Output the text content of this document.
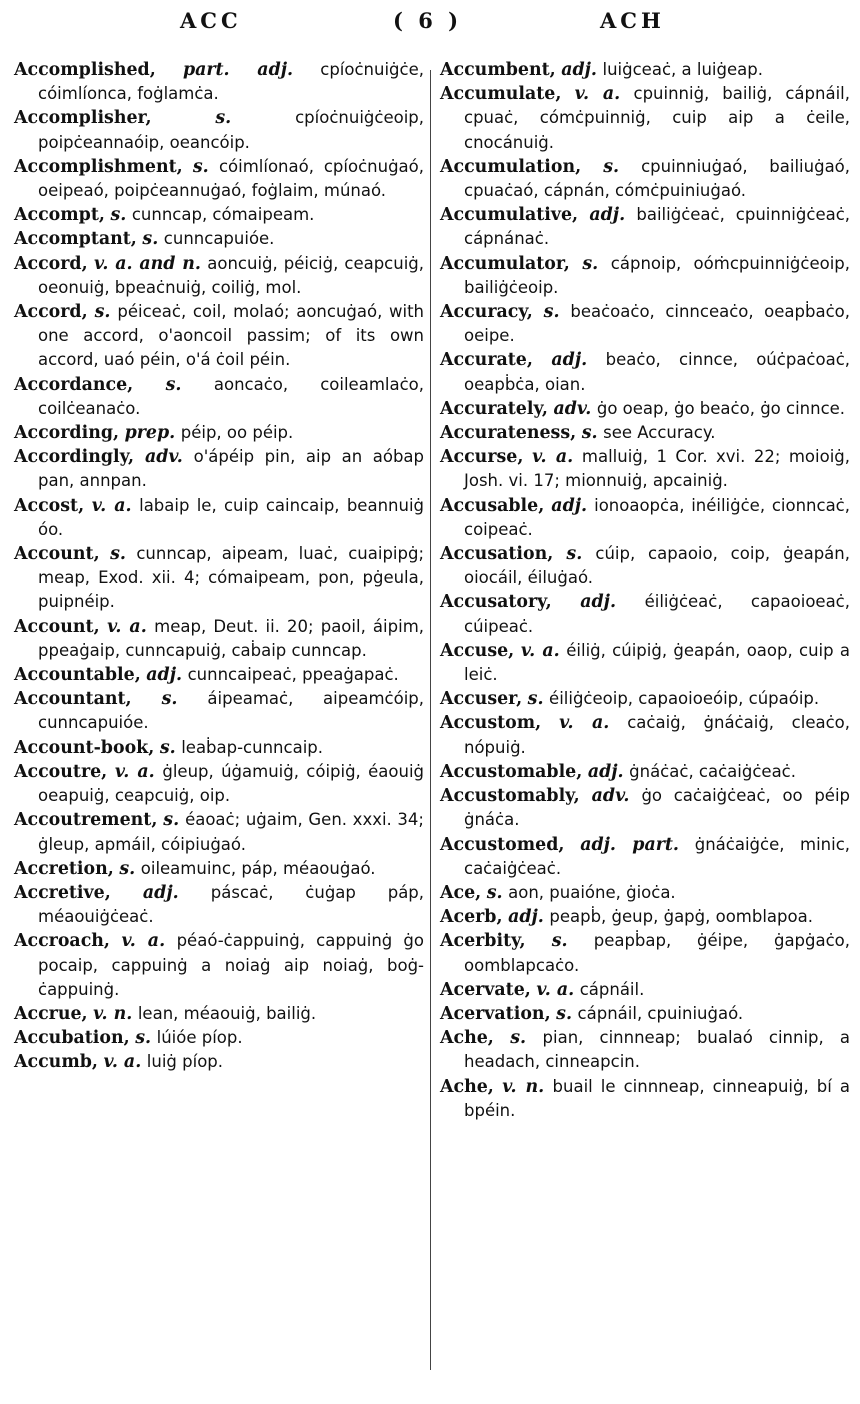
ACC	( 6 )	ACH

Accomplished, part. adj. cpíoċnuiġċe, cóimlíonca, foġlamċa.

Accomplisher,	s.	cpíoċnuiġċeoip, poipċeannaóip, oeancóip.

Accomplishment, s. cóimlíonaó, cpíoċnuġaó, oeipeaó, poipċeannuġaó, foġlaim, múnaó.

Accompt, s. cunncap, cómaipeam.

Accomptant, s. cunncapuióe.

Accord, v. a. and n. aoncuiġ, péiciġ, ceapcuiġ, oeonuiġ, bpeaċnuiġ, coiliġ, mol.

Accord, s. péiceaċ, coil, molaó; aoncuġaó, with one accord, o'aoncoil passim; of its own accord, uaó péin, o'á ċoil péin.

Accordance, s. aoncaċo, coileamlaċo, coilċeanaċo.

According, prep. péip, oo péip.

Accordingly, adv. o'ápéip pin, aip an aóbap pan, annpan.

Accost, v. a. labaip le, cuip caincaip, beannuiġ óo.

Account, s. cunncap, aipeam, luaċ, cuaipipġ; meap, Exod. xii. 4; cómaipeam, pon, pġeula, puipnéip.

Account, v. a. meap, Deut. ii. 20; paoil, áipim, ppeaġaip, cunncapuiġ, caḃaip cunncap.

Accountable, adj. cunncaipeaċ, ppeaġapaċ.

Accountant, s. áipeamaċ, aipeamċóip, cunncapuióe.

Account-book, s. leaḃap-cunncaip.

Accoutre, v. a. ġleup, úġamuiġ, cóipiġ, éaouiġ oeapuiġ, ceapcuiġ, oip.

Accoutrement, s. éaoaċ; uġaim, Gen. xxxi. 34; ġleup, apmáil, cóipiuġaó.

Accretion, s. oileamuinc, páp, méaouġaó.

Accretive, adj. páscaċ, ċuġap páp, méaouiġċeaċ.

Accroach, v. a. péaó-ċappuinġ, cappuinġ ġo pocaip, cappuinġ a noiaġ aip noiaġ, boġ-ċappuinġ.

Accrue, v. n. lean, méaouiġ, bailiġ.

Accubation, s. lúióe píop.

Accumb, v. a. luiġ píop.

Accumbent, adj. luiġceaċ, a luiġeap.

Accumulate, v. a. cpuinniġ, bailiġ, cápnáil, cpuaċ, cómċpuinniġ, cuip aip a ċeile, cnocánuiġ.

Accumulation, s. cpuinniuġaó, bailiuġaó, cpuaċaó, cápnán, cómċpuiniuġaó.

Accumulative, adj. bailiġċeaċ, cpuinniġċeaċ, cápnánaċ.

Accumulator, s. cápnoip, oóṁcpuinniġċeoip, bailiġċeoip.

Accuracy, s. beaċoaċo, cinnceaċo, oeapḃaċo, oeipe.

Accurate, adj. beaċo, cinnce, oúċpaċoaċ, oeapḃċa, oian.

Accurately, adv. ġo oeap, ġo beaċo, ġo cinnce.

Accurateness, s. see Accuracy.

Accurse, v. a. malluiġ, 1 Cor. xvi. 22; moioiġ, Josh. vi. 17; mionnuiġ, apcainiġ.

Accusable, adj. ionoaopċa, inéiliġċe, cionncaċ, coipeaċ.

Accusation, s. cúip, capaoio, coip, ġeapán, oiocáil, éiluġaó.

Accusatory, adj. éiliġċeaċ, capaoioeaċ, cúipeaċ.

Accuse, v. a. éiliġ, cúipiġ, ġeapán, oaop, cuip a leiċ.

Accuser, s. éiliġċeoip, capaoioeóip, cúpaóip.

Accustom, v. a. caċaiġ, ġnáċaiġ, cleaċo, nópuiġ.

Accustomable, adj. ġnáċaċ, caċaiġċeaċ.

Accustomably, adv. ġo caċaiġċeaċ, oo péip ġnáċa.

Accustomed, adj. part. ġnáċaiġċe, minic, caċaiġċeaċ.

Ace, s. aon, puaióne, ġioċa.

Acerb, adj. peapḃ, ġeup, ġapġ, oomblapoa.

Acerbity, s. peapḃap, ġéipe, ġapġaċo, oomblapcaċo.

Acervate, v. a. cápnáil.

Acervation, s. cápnáil, cpuiniuġaó.

Ache, s. pian, cinnneap; bualaó cinnip, a headach, cinneapcin.

Ache, v. n. buail le cinnneap, cinneapuiġ, bí a bpéin.
